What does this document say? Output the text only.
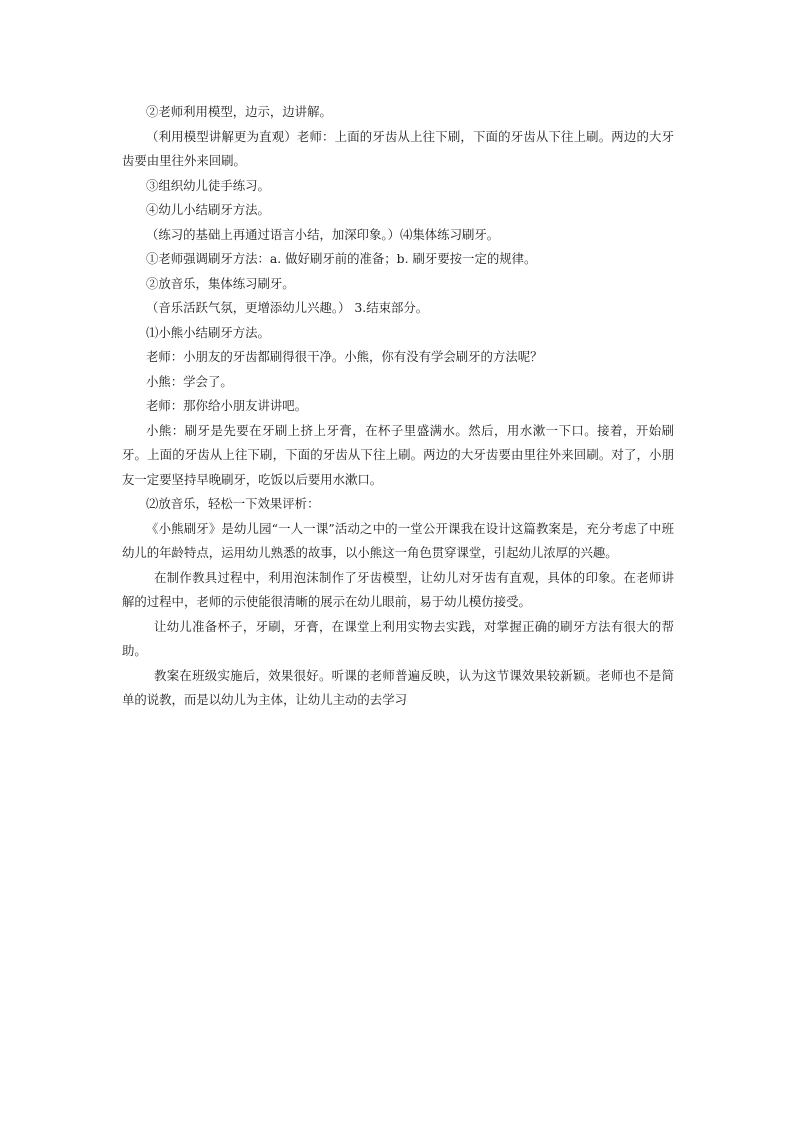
②老师利用模型，边示，边讲解。

（利用模型讲解更为直观）老师：上面的牙齿从上往下刷，下面的牙齿从下往上刷。两边的大牙齿要由里往外来回刷。

③组织幼儿徒手练习。

④幼儿小结刷牙方法。

（练习的基础上再通过语言小结，加深印象。）⑷集体练习刷牙。

①老师强调刷牙方法：a. 做好刷牙前的准备；b. 刷牙要按一定的规律。

②放音乐，集体练习刷牙。

（音乐活跃气氛，更增添幼儿兴趣。） 3.结束部分。

⑴小熊小结刷牙方法。

老师：小朋友的牙齿都刷得很干净。小熊，你有没有学会刷牙的方法呢？

小熊：学会了。

老师：那你给小朋友讲讲吧。

小熊：刷牙是先要在牙刷上挤上牙膏，在杯子里盛满水。然后，用水漱一下口。接着，开始刷牙。上面的牙齿从上往下刷，下面的牙齿从下往上刷。两边的大牙齿要由里往外来回刷。对了，小朋友一定要坚持早晚刷牙，吃饭以后要用水漱口。

⑵放音乐，轻松一下效果评析：

《小熊刷牙》是幼儿园“一人一课”活动之中的一堂公开课我在设计这篇教案是，充分考虑了中班幼儿的年龄特点，运用幼儿熟悉的故事，以小熊这一角色贯穿课堂，引起幼儿浓厚的兴趣。

在制作教具过程中，利用泡沫制作了牙齿模型，让幼儿对牙齿有直观，具体的印象。在老师讲解的过程中，老师的示使能很清晰的展示在幼儿眼前，易于幼儿模仿接受。

让幼儿准备杯子，牙刷，牙膏，在课堂上利用实物去实践，对掌握正确的刷牙方法有很大的帮助。

教案在班级实施后，效果很好。听课的老师普遍反映，认为这节课效果较新颖。老师也不是简单的说教，而是以幼儿为主体，让幼儿主动的去学习
